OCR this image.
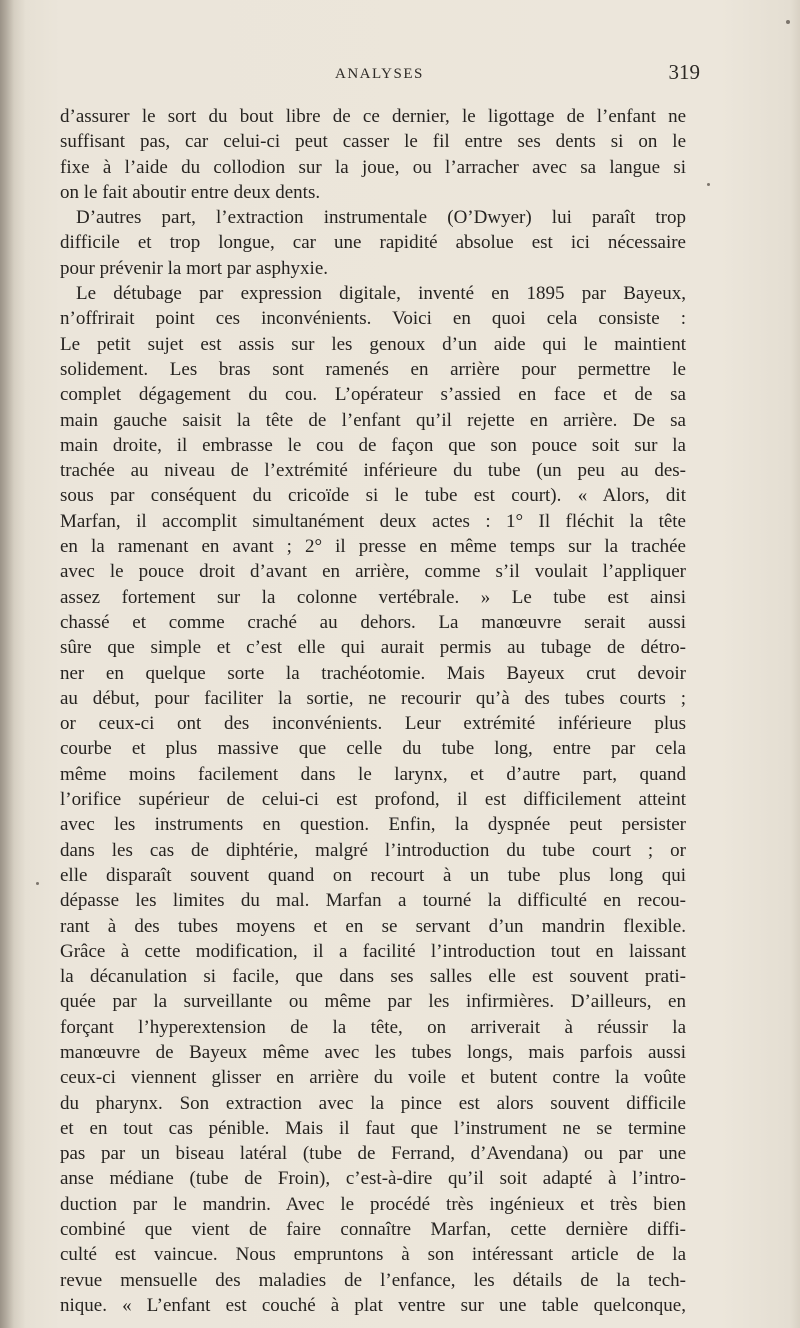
ANALYSES	319
d’assurer le sort du bout libre de ce dernier, le ligottage de l’enfant ne
suffisant pas, car celui-ci peut casser le fil entre ses dents si on le
fixe à l’aide du collodion sur la joue, ou l’arracher avec sa langue si
on le fait aboutir entre deux dents.
D’autres part, l’extraction instrumentale (O’Dwyer) lui paraît trop
difficile et trop longue, car une rapidité absolue est ici nécessaire
pour prévenir la mort par asphyxie.
Le détubage par expression digitale, inventé en 1895 par Bayeux,
n’offrirait point ces inconvénients. Voici en quoi cela consiste :
Le petit sujet est assis sur les genoux d’un aide qui le maintient
solidement. Les bras sont ramenés en arrière pour permettre le
complet dégagement du cou. L’opérateur s’assied en face et de sa
main gauche saisit la tête de l’enfant qu’il rejette en arrière. De sa
main droite, il embrasse le cou de façon que son pouce soit sur la
trachée au niveau de l’extrémité inférieure du tube (un peu au des-
sous par conséquent du cricoïde si le tube est court). « Alors, dit
Marfan, il accomplit simultanément deux actes : 1° Il fléchit la tête
en la ramenant en avant ; 2° il presse en même temps sur la trachée
avec le pouce droit d’avant en arrière, comme s’il voulait l’appliquer
assez fortement sur la colonne vertébrale. » Le tube est ainsi
chassé et comme craché au dehors. La manœuvre serait aussi
sûre que simple et c’est elle qui aurait permis au tubage de détro-
ner en quelque sorte la trachéotomie. Mais Bayeux crut devoir
au début, pour faciliter la sortie, ne recourir qu’à des tubes courts ;
or ceux-ci ont des inconvénients. Leur extrémité inférieure plus
courbe et plus massive que celle du tube long, entre par cela
même moins facilement dans le larynx, et d’autre part, quand
l’orifice supérieur de celui-ci est profond, il est difficilement atteint
avec les instruments en question. Enfin, la dyspnée peut persister
dans les cas de diphtérie, malgré l’introduction du tube court ; or
elle disparaît souvent quand on recourt à un tube plus long qui
dépasse les limites du mal. Marfan a tourné la difficulté en recou-
rant à des tubes moyens et en se servant d’un mandrin flexible.
Grâce à cette modification, il a facilité l’introduction tout en laissant
la décanulation si facile, que dans ses salles elle est souvent prati-
quée par la surveillante ou même par les infirmières. D’ailleurs, en
forçant l’hyperextension de la tête, on arriverait à réussir la
manœuvre de Bayeux même avec les tubes longs, mais parfois aussi
ceux-ci viennent glisser en arrière du voile et butent contre la voûte
du pharynx. Son extraction avec la pince est alors souvent difficile
et en tout cas pénible. Mais il faut que l’instrument ne se termine
pas par un biseau latéral (tube de Ferrand, d’Avendana) ou par une
anse médiane (tube de Froin), c’est-à-dire qu’il soit adapté à l’intro-
duction par le mandrin. Avec le procédé très ingénieux et très bien
combiné que vient de faire connaître Marfan, cette dernière diffi-
culté est vaincue. Nous empruntons à son intéressant article de la
revue mensuelle des maladies de l’enfance, les détails de la tech-
nique. « L’enfant est couché à plat ventre sur une table quelconque,
